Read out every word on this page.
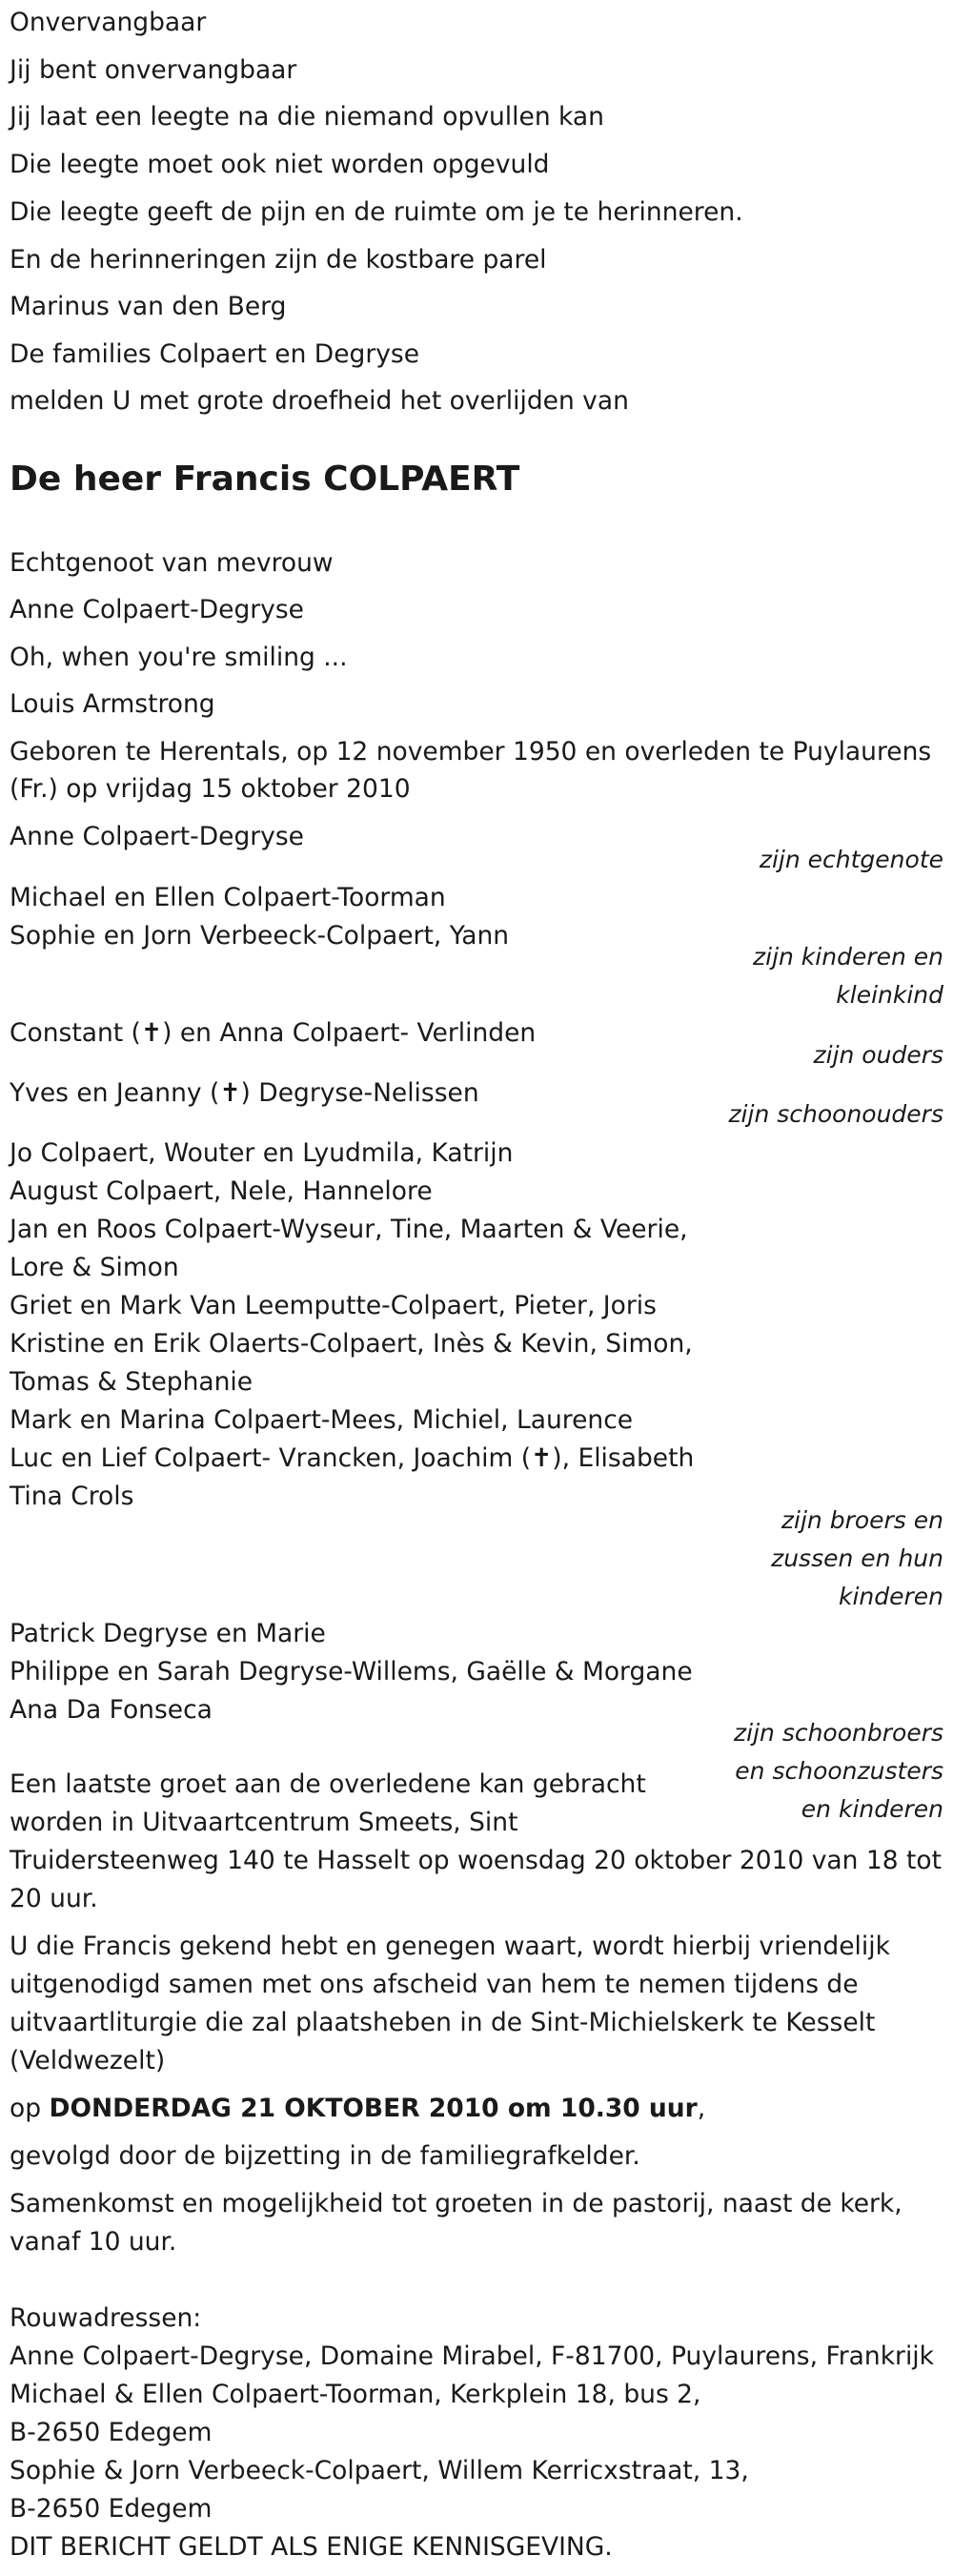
Onvervangbaar
Jij bent onvervangbaar
Jij laat een leegte na die niemand opvullen kan
Die leegte moet ook niet worden opgevuld
Die leegte geeft de pijn en de ruimte om je te herinneren.
En de herinneringen zijn de kostbare parel
Marinus van den Berg
De families Colpaert en Degryse
melden U met grote droefheid het overlijden van
De heer Francis COLPAERT
Echtgenoot van mevrouw
Anne Colpaert-Degryse
Oh, when you're smiling ...
Louis Armstrong
Geboren te Herentals, op 12 november 1950 en overleden te Puylaurens
(Fr.) op vrijdag 15 oktober 2010
Anne Colpaert-Degryse
zijn echtgenote
Michael en Ellen Colpaert-Toorman
Sophie en Jorn Verbeeck-Colpaert, Yann
zijn kinderen en
kleinkind
Constant (✝) en Anna Colpaert- Verlinden
zijn ouders
Yves en Jeanny (✝) Degryse-Nelissen
zijn schoonouders
Jo Colpaert, Wouter en Lyudmila, Katrijn
August Colpaert, Nele, Hannelore
Jan en Roos Colpaert-Wyseur, Tine, Maarten & Veerie,
Lore & Simon
Griet en Mark Van Leemputte-Colpaert, Pieter, Joris
Kristine en Erik Olaerts-Colpaert, Inès & Kevin, Simon,
Tomas & Stephanie
Mark en Marina Colpaert-Mees, Michiel, Laurence
Luc en Lief Colpaert- Vrancken, Joachim (✝), Elisabeth
Tina Crols
zijn broers en
zussen en hun
kinderen
Patrick Degryse en Marie
Philippe en Sarah Degryse-Willems, Gaëlle & Morgane
Ana Da Fonseca
zijn schoonbroers
en schoonzusters
en kinderen
Een laatste groet aan de overledene kan gebracht
worden in Uitvaartcentrum Smeets, Sint
Truidersteenweg 140 te Hasselt op woensdag 20 oktober 2010 van 18 tot
20 uur.
U die Francis gekend hebt en genegen waart, wordt hierbij vriendelijk
uitgenodigd samen met ons afscheid van hem te nemen tijdens de
uitvaartliturgie die zal plaatsheben in de Sint-Michielskerk te Kesselt
(Veldwezelt)
op DONDERDAG 21 OKTOBER 2010 om 10.30 uur,
gevolgd door de bijzetting in de familiegrafkelder.
Samenkomst en mogelijkheid tot groeten in de pastorij, naast de kerk,
vanaf 10 uur.
Rouwadressen:
Anne Colpaert-Degryse, Domaine Mirabel, F-81700, Puylaurens, Frankrijk
Michael & Ellen Colpaert-Toorman, Kerkplein 18, bus 2,
B-2650 Edegem
Sophie & Jorn Verbeeck-Colpaert, Willem Kerricxstraat, 13,
B-2650 Edegem
DIT BERICHT GELDT ALS ENIGE KENNISGEVING.
